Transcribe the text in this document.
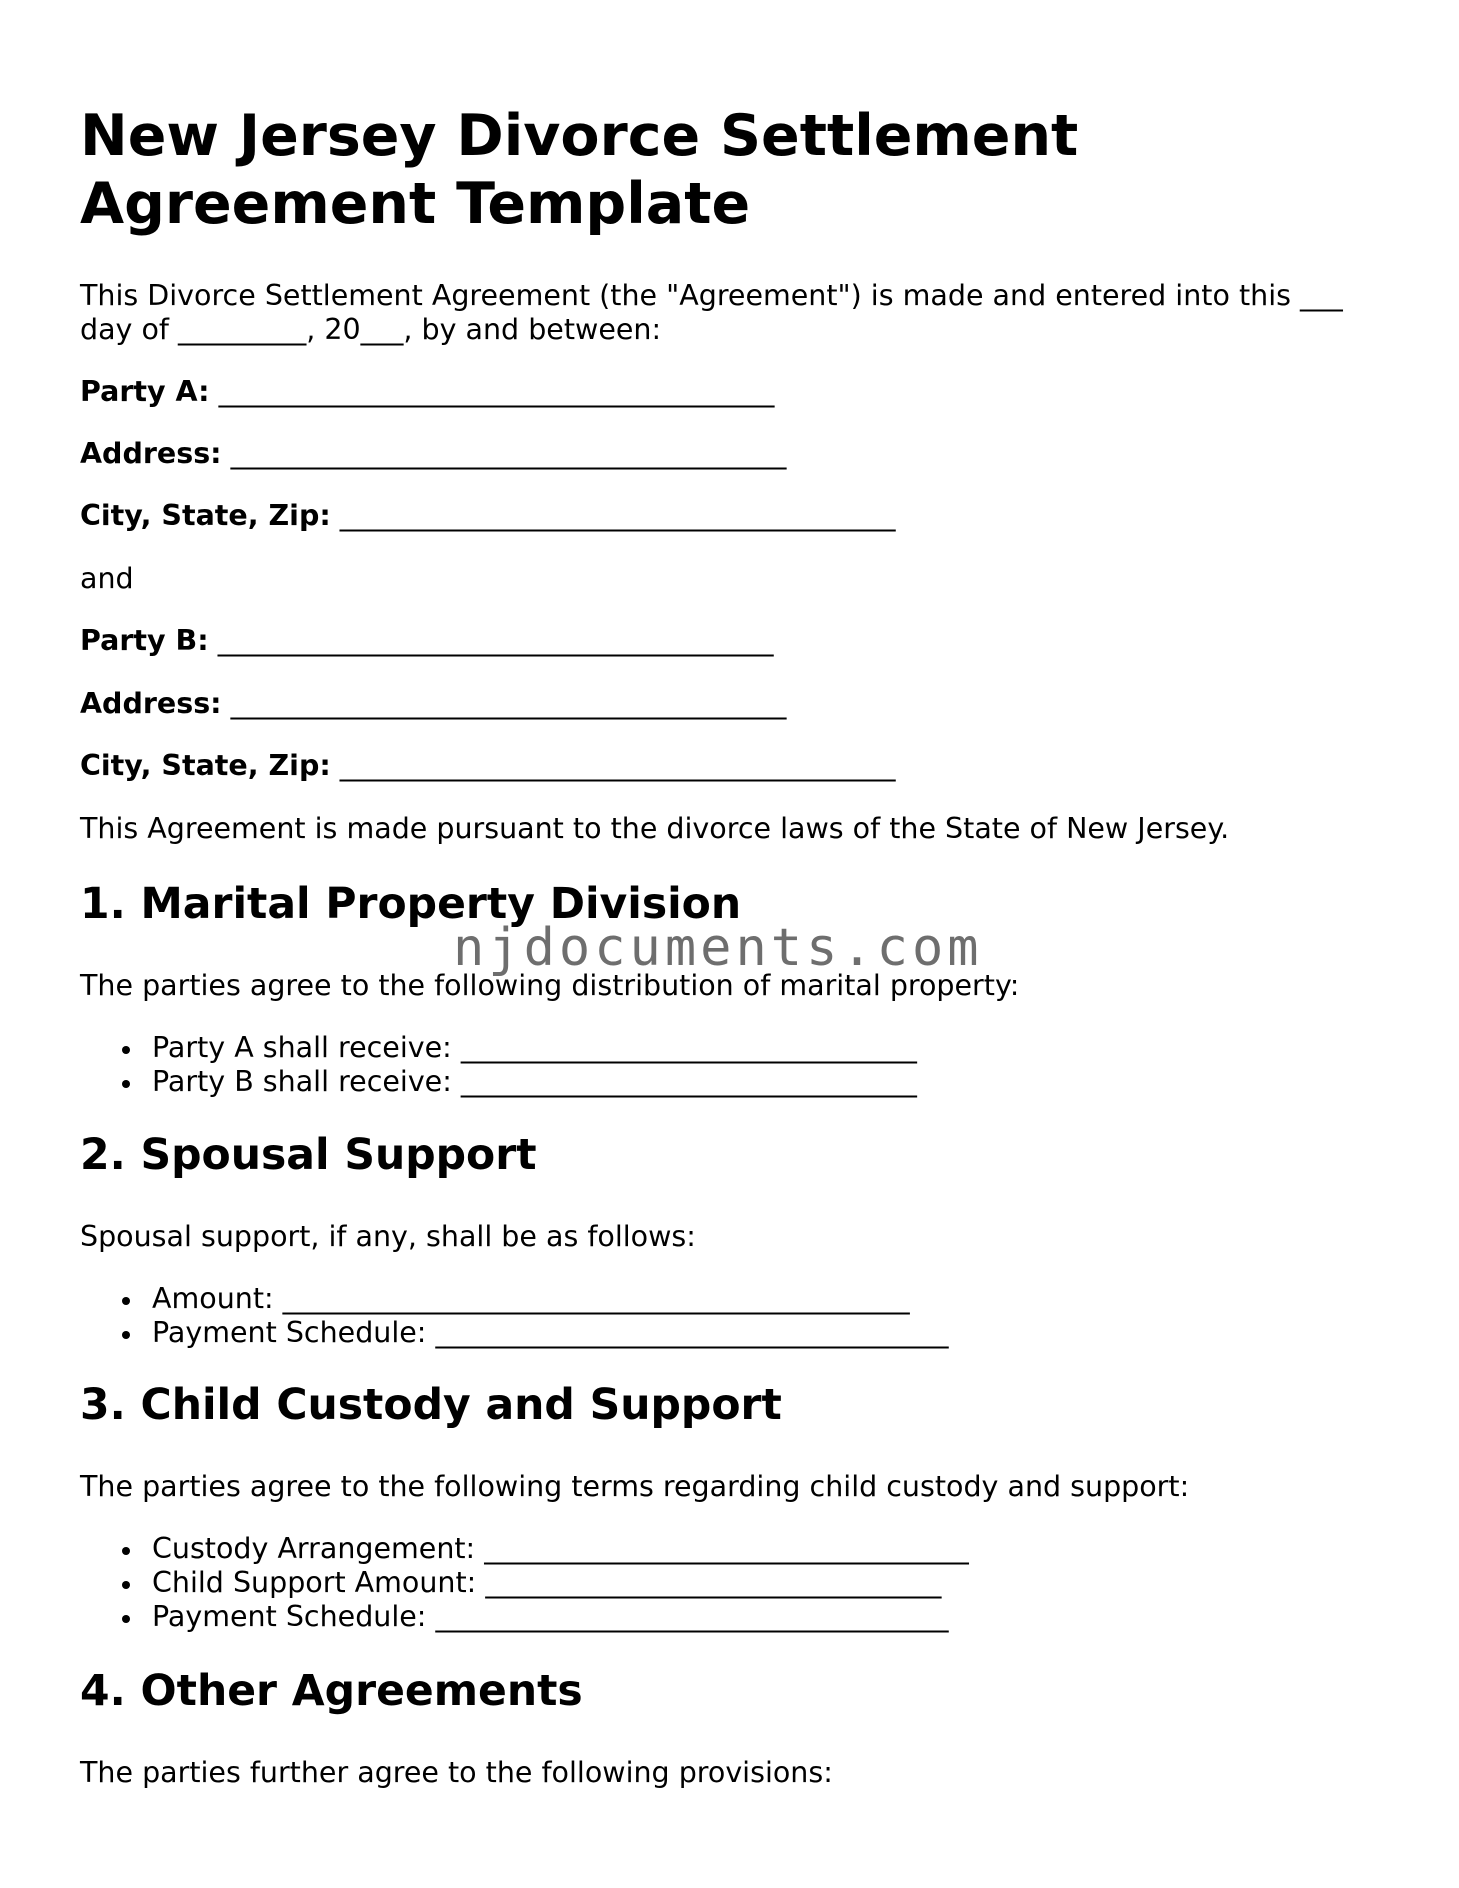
New Jersey Divorce Settlement Agreement Template

This Divorce Settlement Agreement (the "Agreement") is made and entered into this ___

day of _________, 20___, by and between:

Party A: _______________________________________

Address: _______________________________________

City, State, Zip: _______________________________________

and

Party B: _______________________________________

Address: _______________________________________

City, State, Zip: _______________________________________

This Agreement is made pursuant to the divorce laws of the State of New Jersey.

1. Marital Property Division

The parties agree to the following distribution of marital property:

Party A shall receive: ________________________________
Party B shall receive: ________________________________
2. Spousal Support

Spousal support, if any, shall be as follows:

Amount: ____________________________________________
Payment Schedule: ____________________________________
3. Child Custody and Support

The parties agree to the following terms regarding child custody and support:

Custody Arrangement: __________________________________
Child Support Amount: ________________________________
Payment Schedule: ____________________________________
4. Other Agreements

The parties further agree to the following provisions:

njdocuments.com
